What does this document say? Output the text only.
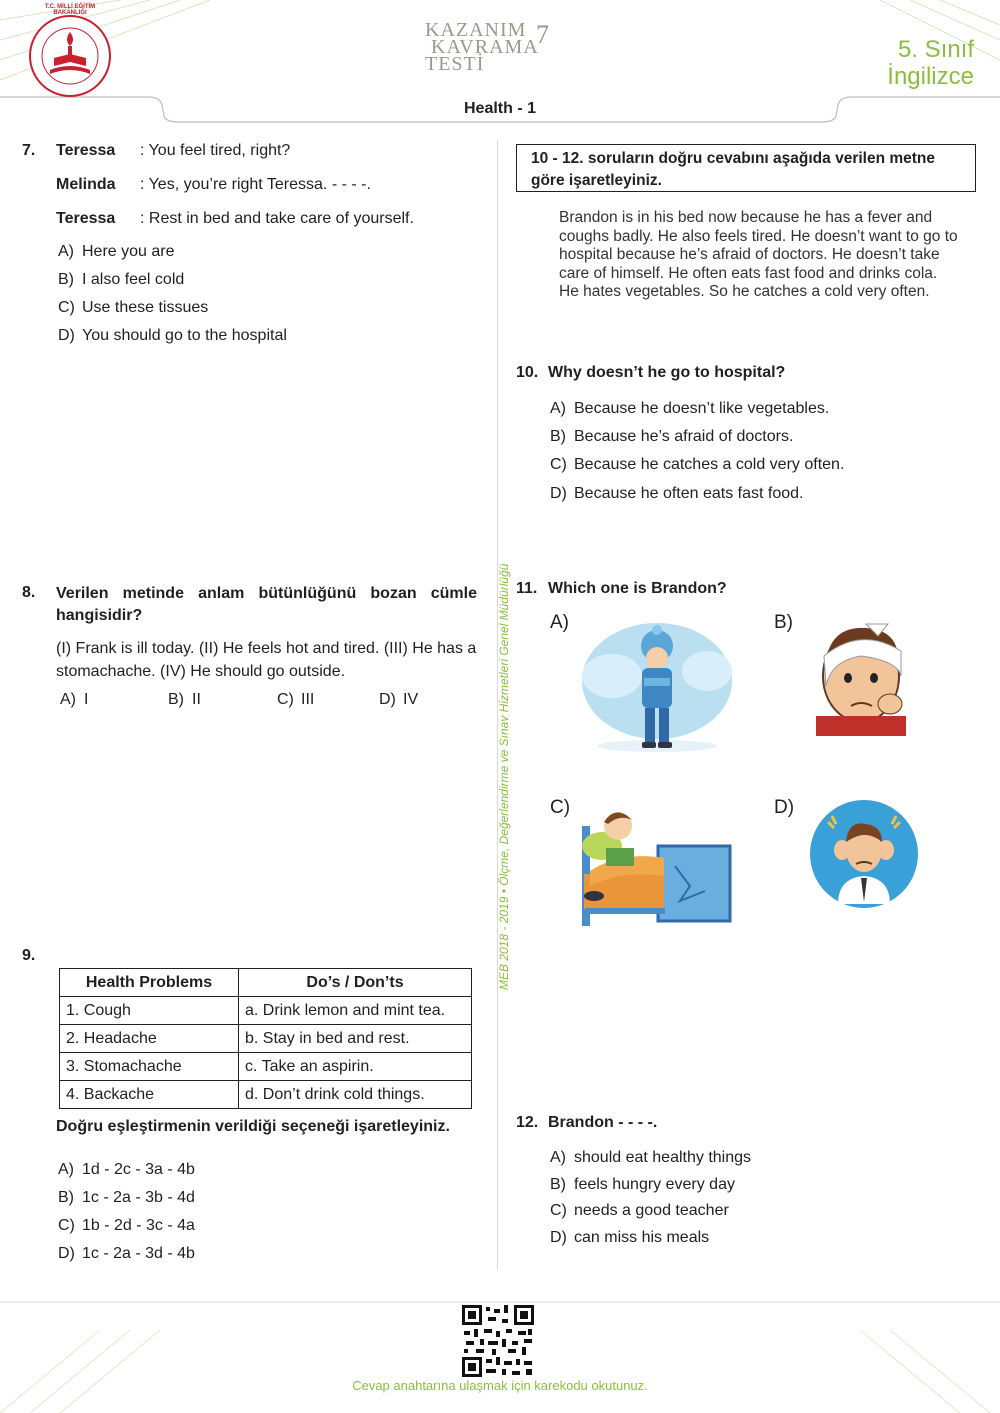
T.C. MİLLİ EĞİTİM BAKANLIĞI
KAZANIM
KAVRAMA
TESTİ
7
5. Sınıf
İngilizce
Health - 1
MEB 2018 - 2019 • Ölçme, Değerlendirme ve Sınav Hizmetleri Genel Müdürlüğü
7. Teressa : You feel tired, right?
Melinda : Yes, you’re right Teressa. - - - -.
Teressa : Rest in bed and take care of yourself.
A) Here you are
B) I also feel cold
C) Use these tissues
D) You should go to the hospital
8. Verilen metinde anlam bütünlüğünü bozan cümle hangisidir?
(I) Frank is ill today. (II) He feels hot and tired. (III) He has a stomachache. (IV) He should go outside.
A) I	B) II	C) III	D) IV
9.
Health Problems	Do’s / Don’ts
1. Cough	a. Drink lemon and mint tea.
2. Headache	b. Stay in bed and rest.
3. Stomachache	c. Take an aspirin.
4. Backache	d. Don’t drink cold things.
Doğru eşleştirmenin verildiği seçeneği işaretleyiniz.
A) 1d - 2c - 3a - 4b
B) 1c - 2a - 3b - 4d
C) 1b - 2d - 3c - 4a
D) 1c - 2a - 3d - 4b
10 - 12. soruların doğru cevabını aşağıda verilen metne göre işaretleyiniz.
Brandon is in his bed now because he has a fever and coughs badly. He also feels tired. He doesn’t want to go to hospital because he’s afraid of doctors. He doesn’t take care of himself. He often eats fast food and drinks cola. He hates vegetables. So he catches a cold very often.
10. Why doesn’t he go to hospital?
A) Because he doesn’t like vegetables.
B) Because he’s afraid of doctors.
C) Because he catches a cold very often.
D) Because he often eats fast food.
11. Which one is Brandon?
A)	B)
C)	D)
12. Brandon - - - -.
A) should eat healthy things
B) feels hungry every day
C) needs a good teacher
D) can miss his meals
Cevap anahtarına ulaşmak için karekodu okutunuz.
